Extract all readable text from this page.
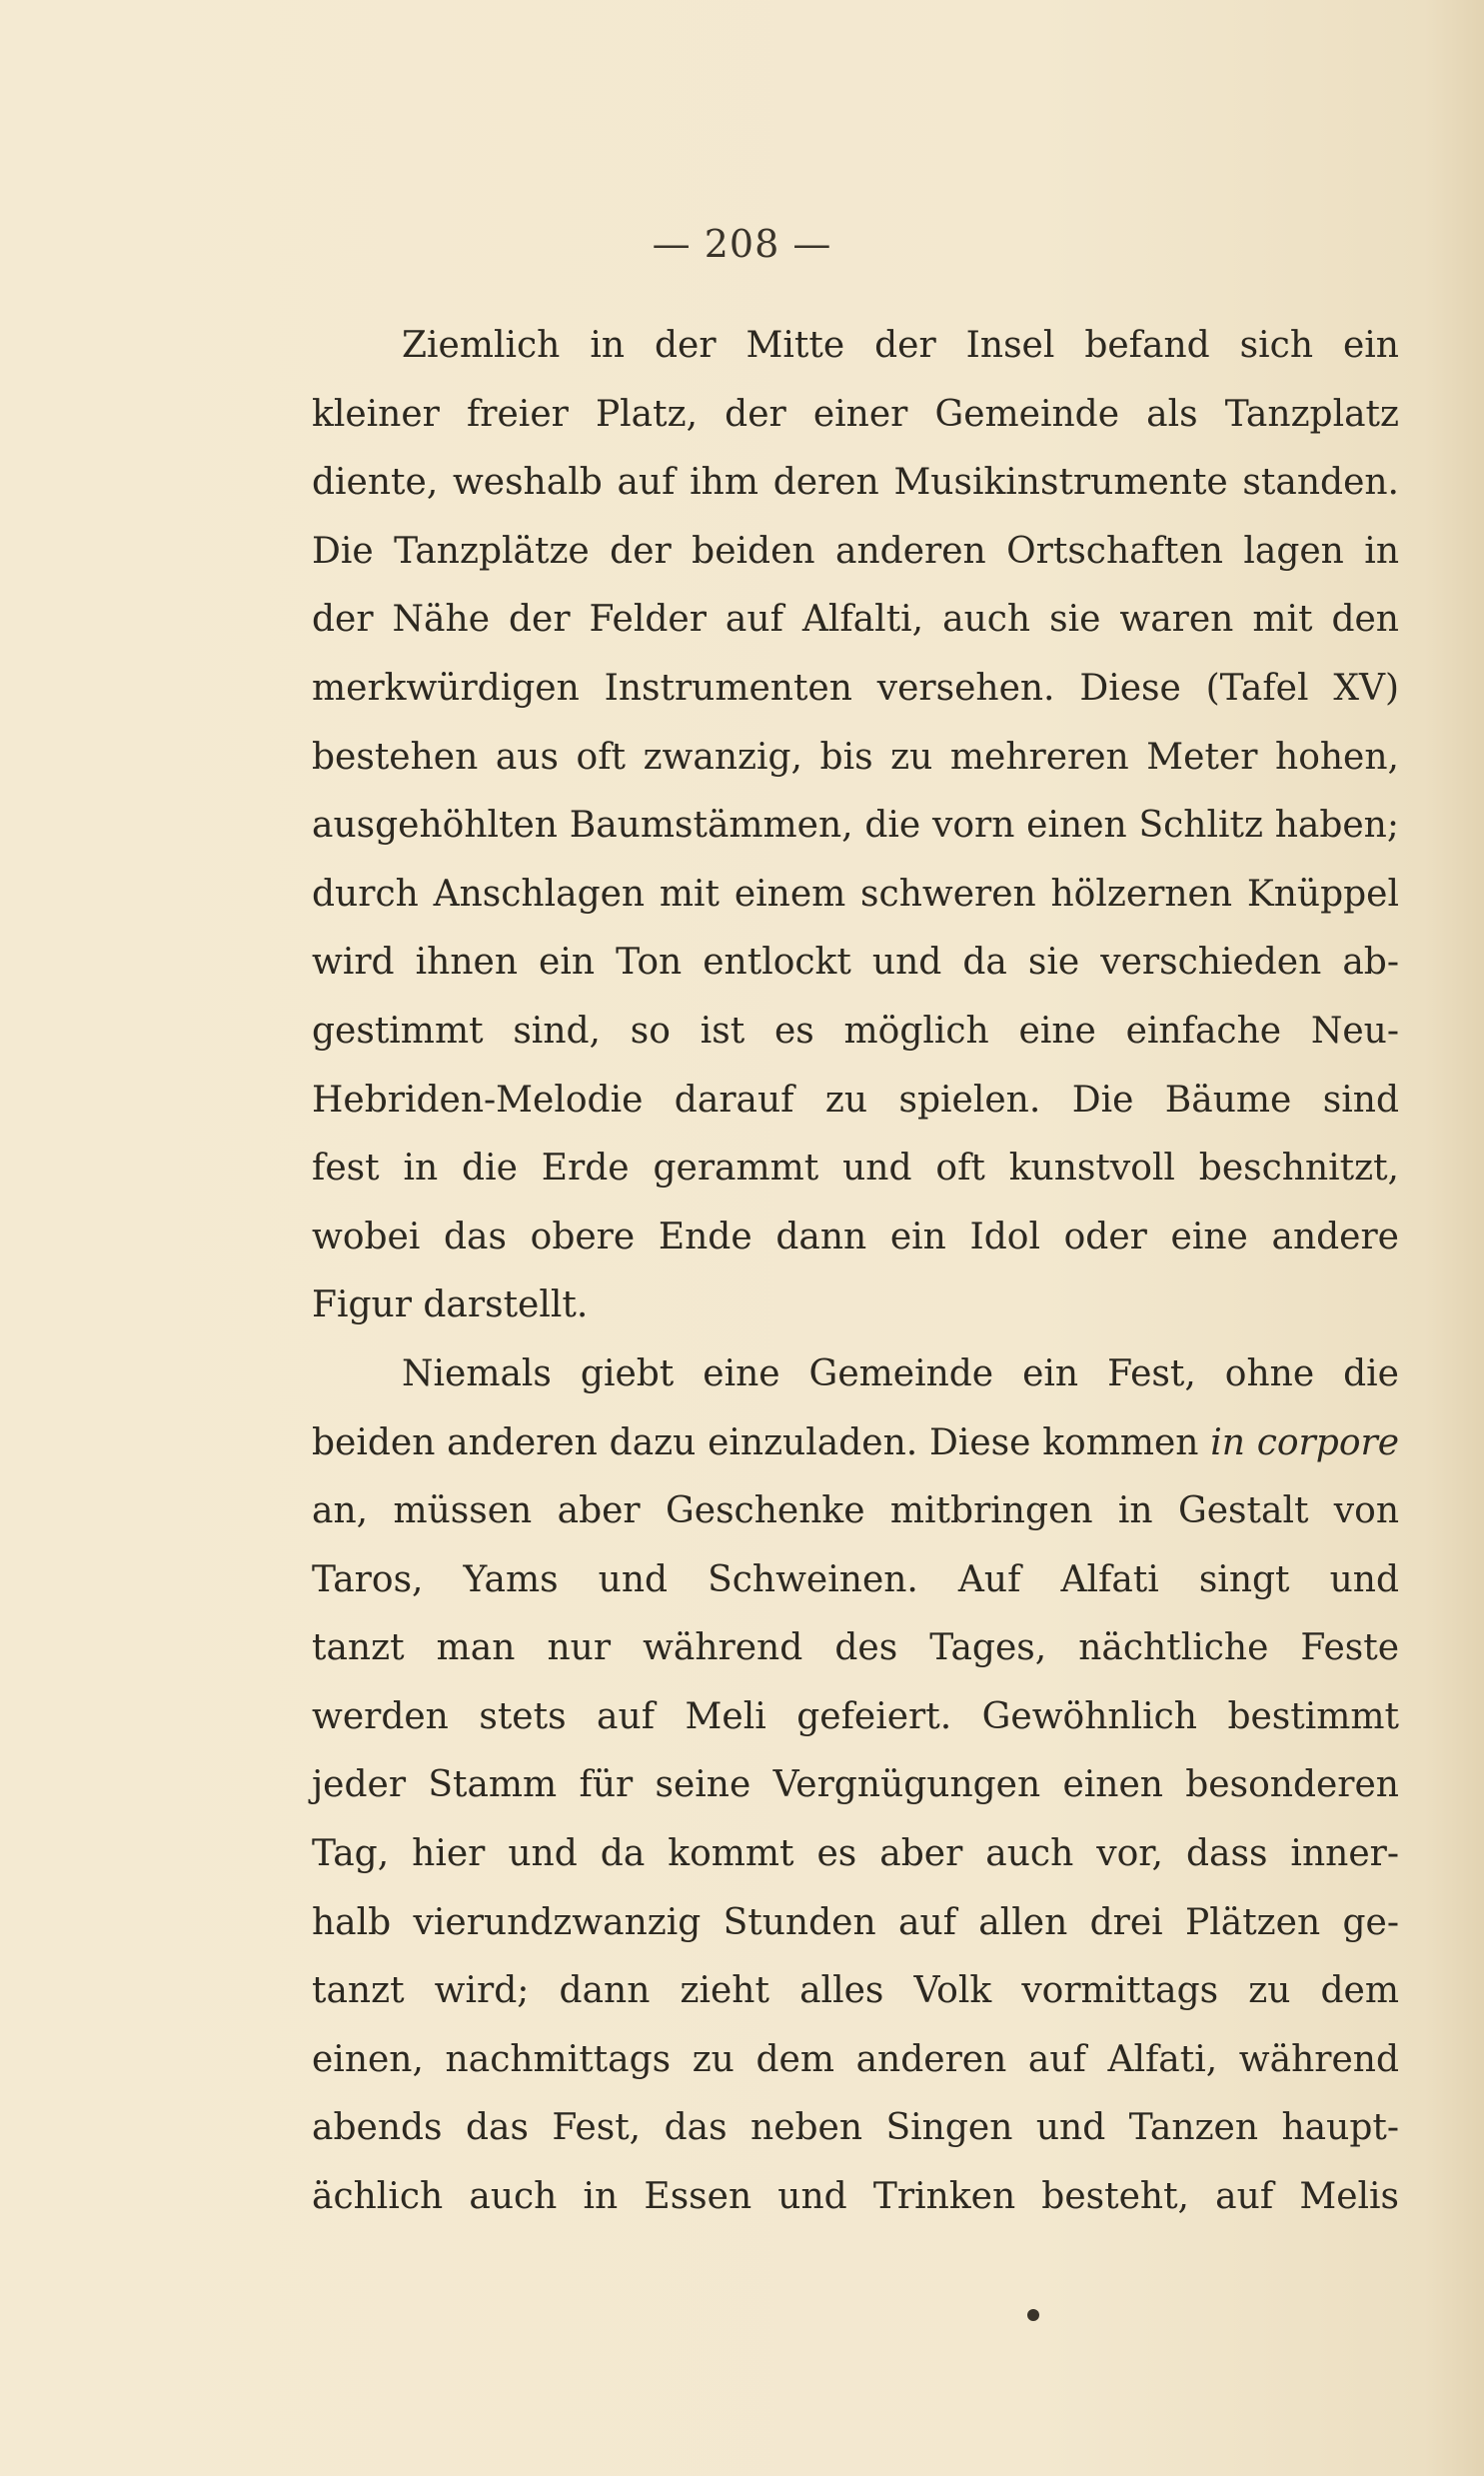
— 208 —
Ziemlich in der Mitte der Insel befand sich ein
kleiner freier Platz, der einer Gemeinde als Tanzplatz
diente, weshalb auf ihm deren Musikinstrumente standen.
Die Tanzplätze der beiden anderen Ortschaften lagen in
der Nähe der Felder auf Alfalti, auch sie waren mit den
merkwürdigen Instrumenten versehen. Diese (Tafel XV)
bestehen aus oft zwanzig, bis zu mehreren Meter hohen,
ausgehöhlten Baumstämmen, die vorn einen Schlitz haben;
durch Anschlagen mit einem schweren hölzernen Knüppel
wird ihnen ein Ton entlockt und da sie verschieden ab-
gestimmt sind, so ist es möglich eine einfache Neu-
Hebriden-Melodie darauf zu spielen. Die Bäume sind
fest in die Erde gerammt und oft kunstvoll beschnitzt,
wobei das obere Ende dann ein Idol oder eine andere
Figur darstellt.
Niemals giebt eine Gemeinde ein Fest, ohne die
beiden anderen dazu einzuladen. Diese kommen in corpore
an, müssen aber Geschenke mitbringen in Gestalt von
Taros, Yams und Schweinen. Auf Alfati singt und
tanzt man nur während des Tages, nächtliche Feste
werden stets auf Meli gefeiert. Gewöhnlich bestimmt
jeder Stamm für seine Vergnügungen einen besonderen
Tag, hier und da kommt es aber auch vor, dass inner-
halb vierundzwanzig Stunden auf allen drei Plätzen ge-
tanzt wird; dann zieht alles Volk vormittags zu dem
einen, nachmittags zu dem anderen auf Alfati, während
abends das Fest, das neben Singen und Tanzen haupt-
ächlich auch in Essen und Trinken besteht, auf Melis
